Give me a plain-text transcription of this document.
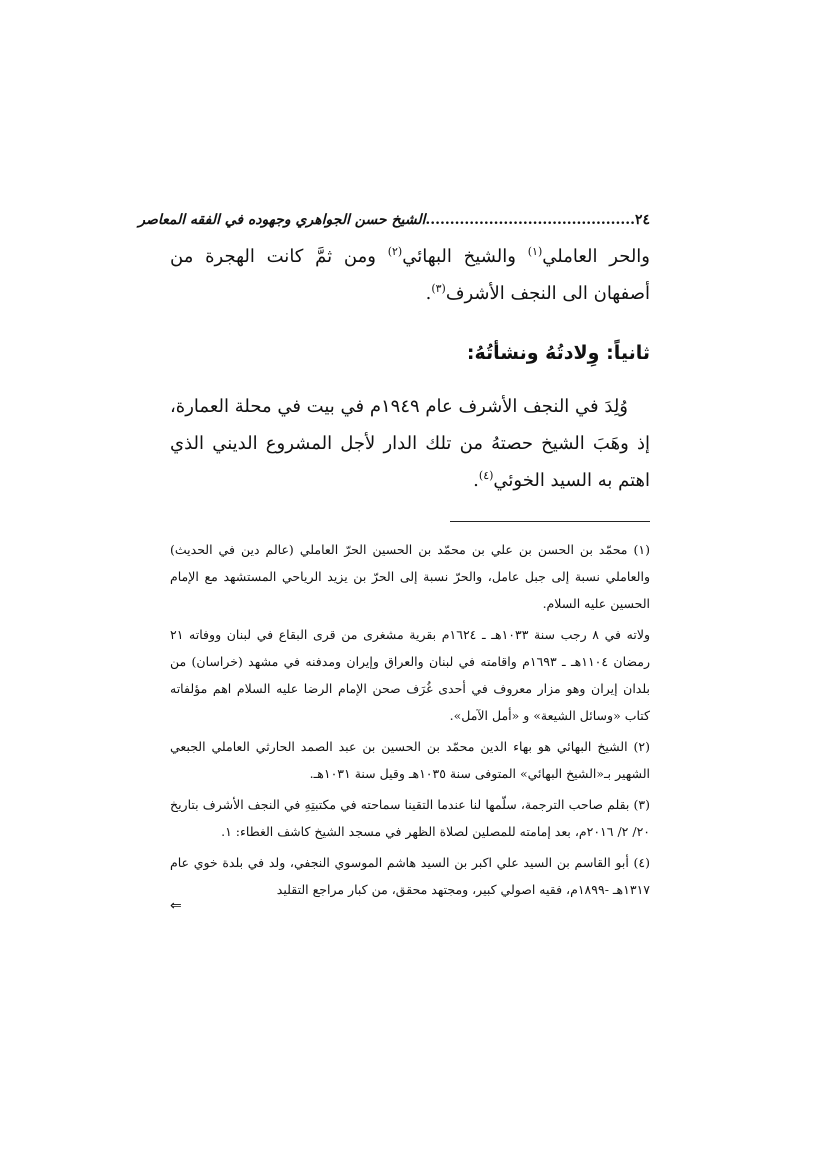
٢٤
...........................................
الشيخ حسن الجواهري وجهوده في الفقه المعاصر

والحر العاملي$^{(١)}$ والشيخ البهائي$^{(٢)}$ ومن ثمَّ كانت الهجرة من أصفهان الى النجف الأشرف$^{(٣)}$.

ثانياً: وِلادتُهُ ونشأتُهُ:

وُلِدَ في النجف الأشرف عام ١٩٤٩م في بيت في محلة العمارة، إذ وهَبَ الشيخ حصتهُ من تلك الدار لأجل المشروع الديني الذي اهتم به السيد الخوئي$^{(٤)}$.

(١) محمّد بن الحسن بن علي بن محمّد بن الحسين الحرّ العاملي (عالم دين في الحديث) والعاملي نسبة إلى جبل عامل، والحرّ نسبة إلى الحرّ بن يزيد الرياحي المستشهد مع الإمام الحسين عليه السلام.

ولاته في ٨ رجب سنة ١٠٣٣هـ ـ ١٦٢٤م بقرية مشغرى من قرى البقاع في لبنان ووفاته ٢١ رمضان ١١٠٤هـ ـ ١٦٩٣م واقامته في لبنان والعراق وإيران ومدفنه في مشهد (خراسان) من بلدان إيران وهو مزار معروف في أحدى غُرَف صحن الإمام الرضا عليه السلام اهم مؤلفاته كتاب «وسائل الشيعة» و «أمل الآمل».

(٢) الشيخ البهائي هو بهاء الدين محمّد بن الحسين بن عبد الصمد الحارثي العاملي الجبعي الشهير بـ«الشيخ البهائي» المتوفى سنة ١٠٣٥هـ وقيل سنة ١٠٣١هـ.

(٣) بقلم صاحب الترجمة، سلّمها لنا عندما التقينا سماحته في مكتبتِهِ في النجف الأشرف بتاريخ ٢٠/ ٢/ ٢٠١٦م، بعد إمامته للمصلين لصلاة الظهر في مسجد الشيخ كاشف الغطاء: ١.

(٤) أبو القاسم بن السيد علي اكبر بن السيد هاشم الموسوي النجفي، ولد في بلدة خوي عام ١٣١٧هـ -١٨٩٩م، فقيه اصولي كبير، ومجتهد محقق، من كبار مراجع التقليد

⇐
